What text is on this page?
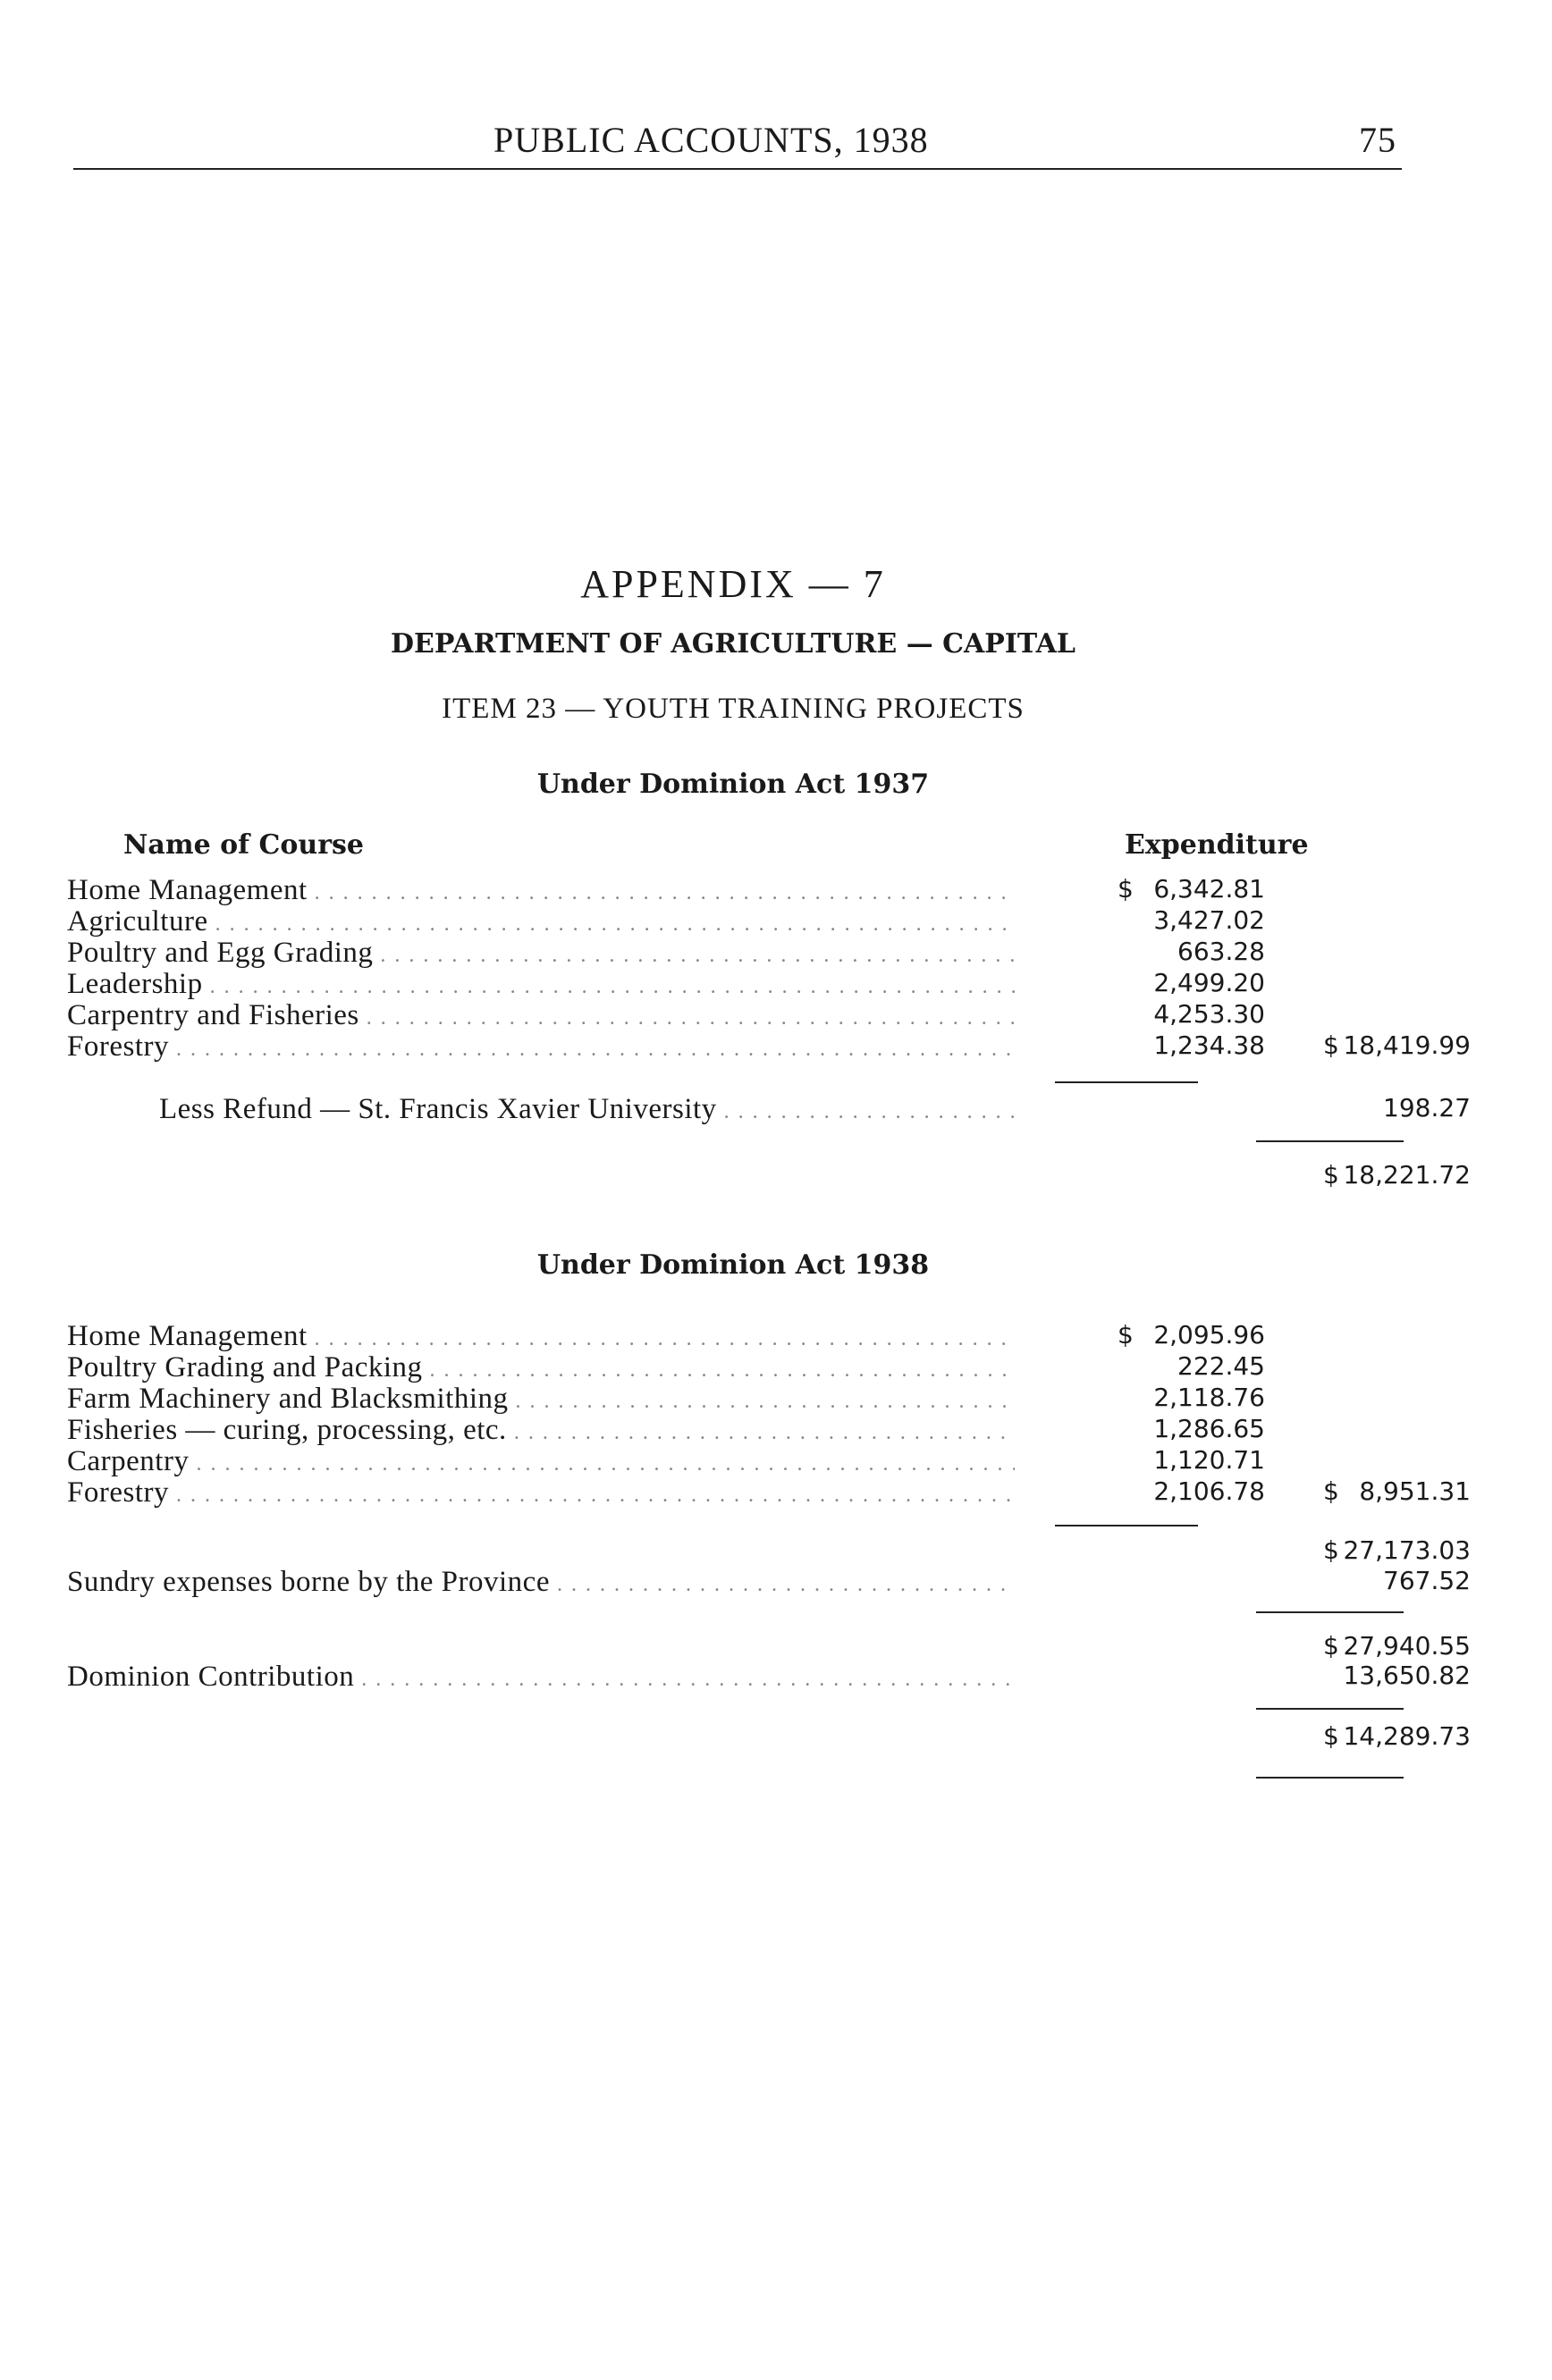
PUBLIC ACCOUNTS, 1938	75
APPENDIX — 7
DEPARTMENT OF AGRICULTURE — CAPITAL
ITEM 23 — YOUTH TRAINING PROJECTS
Under Dominion Act 1937
Name of Course	Expenditure
Home Management . . .	$ 6,342.81
Agriculture . . .	3,427.02
Poultry and Egg Grading . . .	663.28
Leadership . . .	2,499.20
Carpentry and Fisheries . . .	4,253.30
Forestry . . .	1,234.38 $ 18,419.99
Less Refund — St. Francis Xavier University . . .	198.27
$ 18,221.72
Under Dominion Act 1938
Home Management . . .	$ 2,095.96
Poultry Grading and Packing . . .	222.45
Farm Machinery and Blacksmithing . . .	2,118.76
Fisheries — curing, processing, etc. . . .	1,286.65
Carpentry . . .	1,120.71
Forestry . . .	2,106.78 $ 8,951.31
$ 27,173.03
Sundry expenses borne by the Province . . .	767.52
$ 27,940.55
Dominion Contribution . . .	13,650.82
$ 14,289.73
